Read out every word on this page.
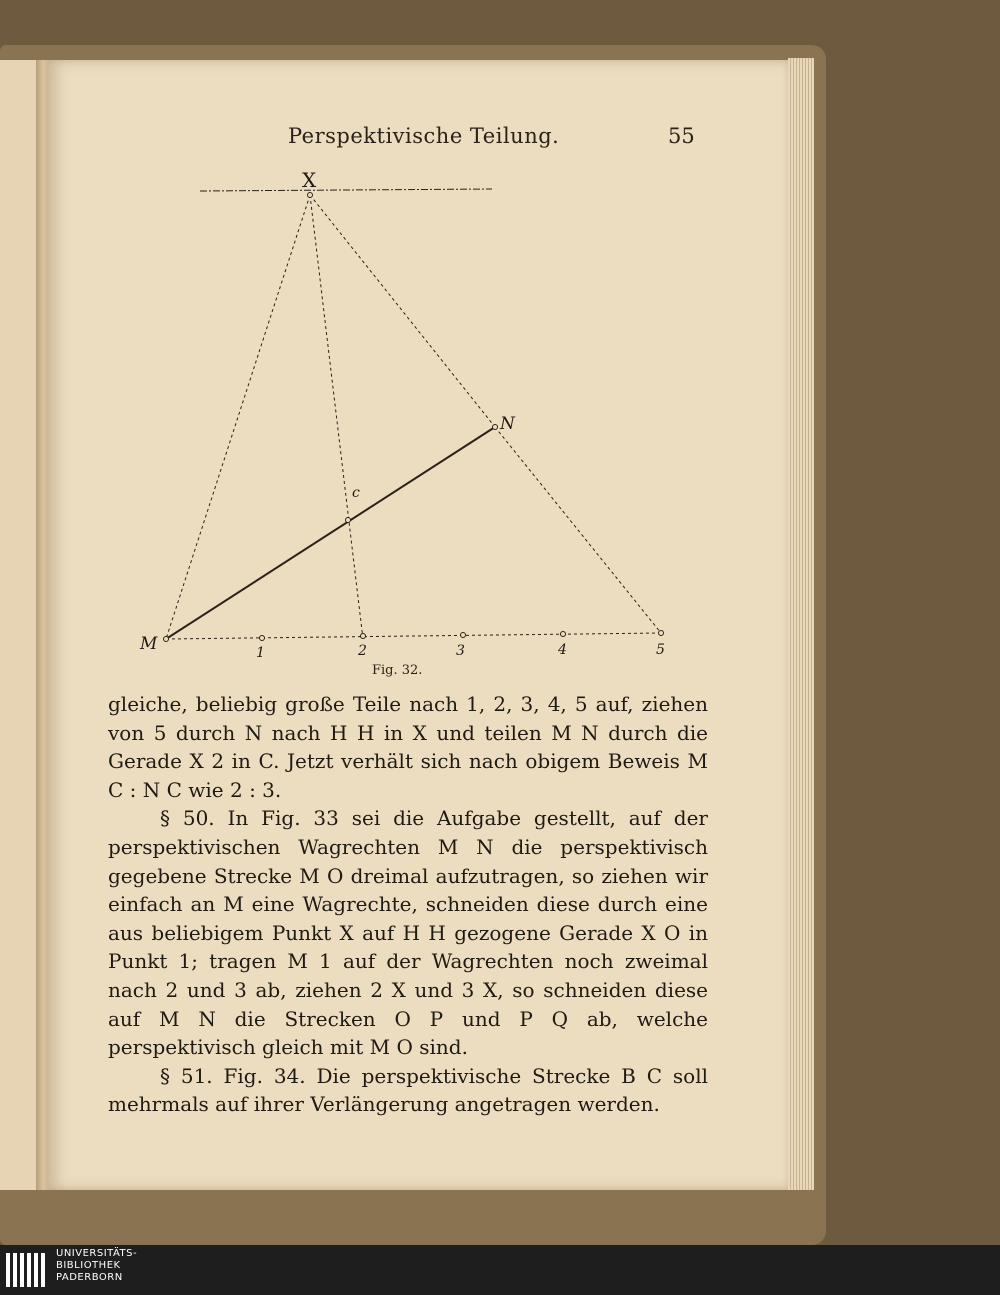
Perspektivische Teilung.	55
X
N
c
M	1	2	3	4	5
Fig. 32.

gleiche, beliebig große Teile nach 1, 2, 3, 4, 5 auf, ziehen von 5 durch N nach H H in X und teilen M N durch die Gerade X 2 in C. Jetzt verhält sich nach obigem Beweis M C : N C wie 2 : 3.

§ 50. In Fig. 33 sei die Aufgabe gestellt, auf der perspektivischen Wagrechten M N die perspektivisch gegebene Strecke M O dreimal aufzutragen, so ziehen wir einfach an M eine Wagrechte, schneiden diese durch eine aus beliebigem Punkt X auf H H gezogene Gerade X O in Punkt 1; tragen M 1 auf der Wagrechten noch zweimal nach 2 und 3 ab, ziehen 2 X und 3 X, so schneiden diese auf M N die Strecken O P und P Q ab, welche perspektivisch gleich mit M O sind.

§ 51. Fig. 34. Die perspektivische Strecke B C soll mehrmals auf ihrer Verlängerung angetragen werden.

UNIVERSITÄTS-
BIBLIOTHEK
PADERBORN
